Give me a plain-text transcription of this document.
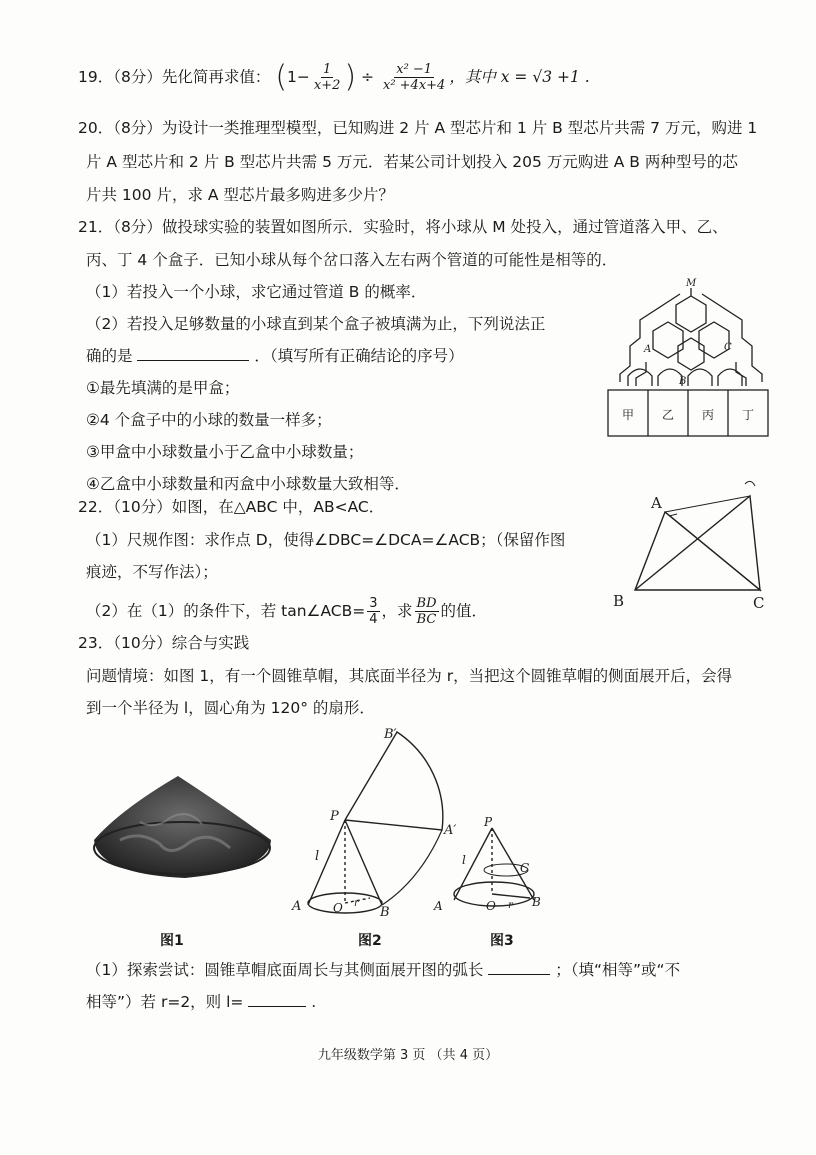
19．（8分）先化简再求值： ($1- \frac{1}{x+2}$ ) ÷ $\frac{\text{x² −1}}{\text{x² +4x+4}}$ ，其中 x = √3 +1 .
20．（8分）为设计一类推理型模型，已知购进 2 片 A 型芯片和 1 片 B 型芯片共需 7 万元，购进 1
片 A 型芯片和 2 片 B 型芯片共需 5 万元．若某公司计划投入 205 万元购进 A B 两种型号的芯
片共 100 片，求 A 型芯片最多购进多少片？
21．（8分）做投球实验的装置如图所示．实验时，将小球从 M 处投入，通过管道落入甲、乙、
丙、丁 4 个盒子．已知小球从每个岔口落入左右两个管道的可能性是相等的．
（1）若投入一个小球，求它通过管道 B 的概率．
（2）若投入足够数量的小球直到某个盒子被填满为止，下列说法正
确的是	．（填写所有正确结论的序号）
①最先填满的是甲盒；
②4 个盒子中的小球的数量一样多；
③甲盒中小球数量小于乙盒中小球数量；
④乙盒中小球数量和丙盒中小球数量大致相等．
M
A
B
C
甲 乙 丙 丁
22．（10分）如图，在△ABC 中，AB<AC．
（1）尺规作图：求作点 D，使得∠DBC=∠DCA=∠ACB；（保留作图
痕迹，不写作法）；
（2）在（1）的条件下，若 tan∠ACB= $\frac{3}{4}$ ，求 $\frac{BD}{BC}$ 的值．
A
B	C
23．（10分）综合与实践
问题情境：如图 1，有一个圆锥草帽，其底面半径为 r，当把这个圆锥草帽的侧面展开后，会得
到一个半径为 l，圆心角为 120° 的扇形．
图1
B′
P
A′
l
A	O r
B
图2
P
C
l
A	O r B
图3
（1）探索尝试：圆锥草帽底面周长与其侧面展开图的弧长	；（填“相等”或“不
相等”）若 r=2，则 l=	.
九年级数学第 3 页 （共 4 页）
